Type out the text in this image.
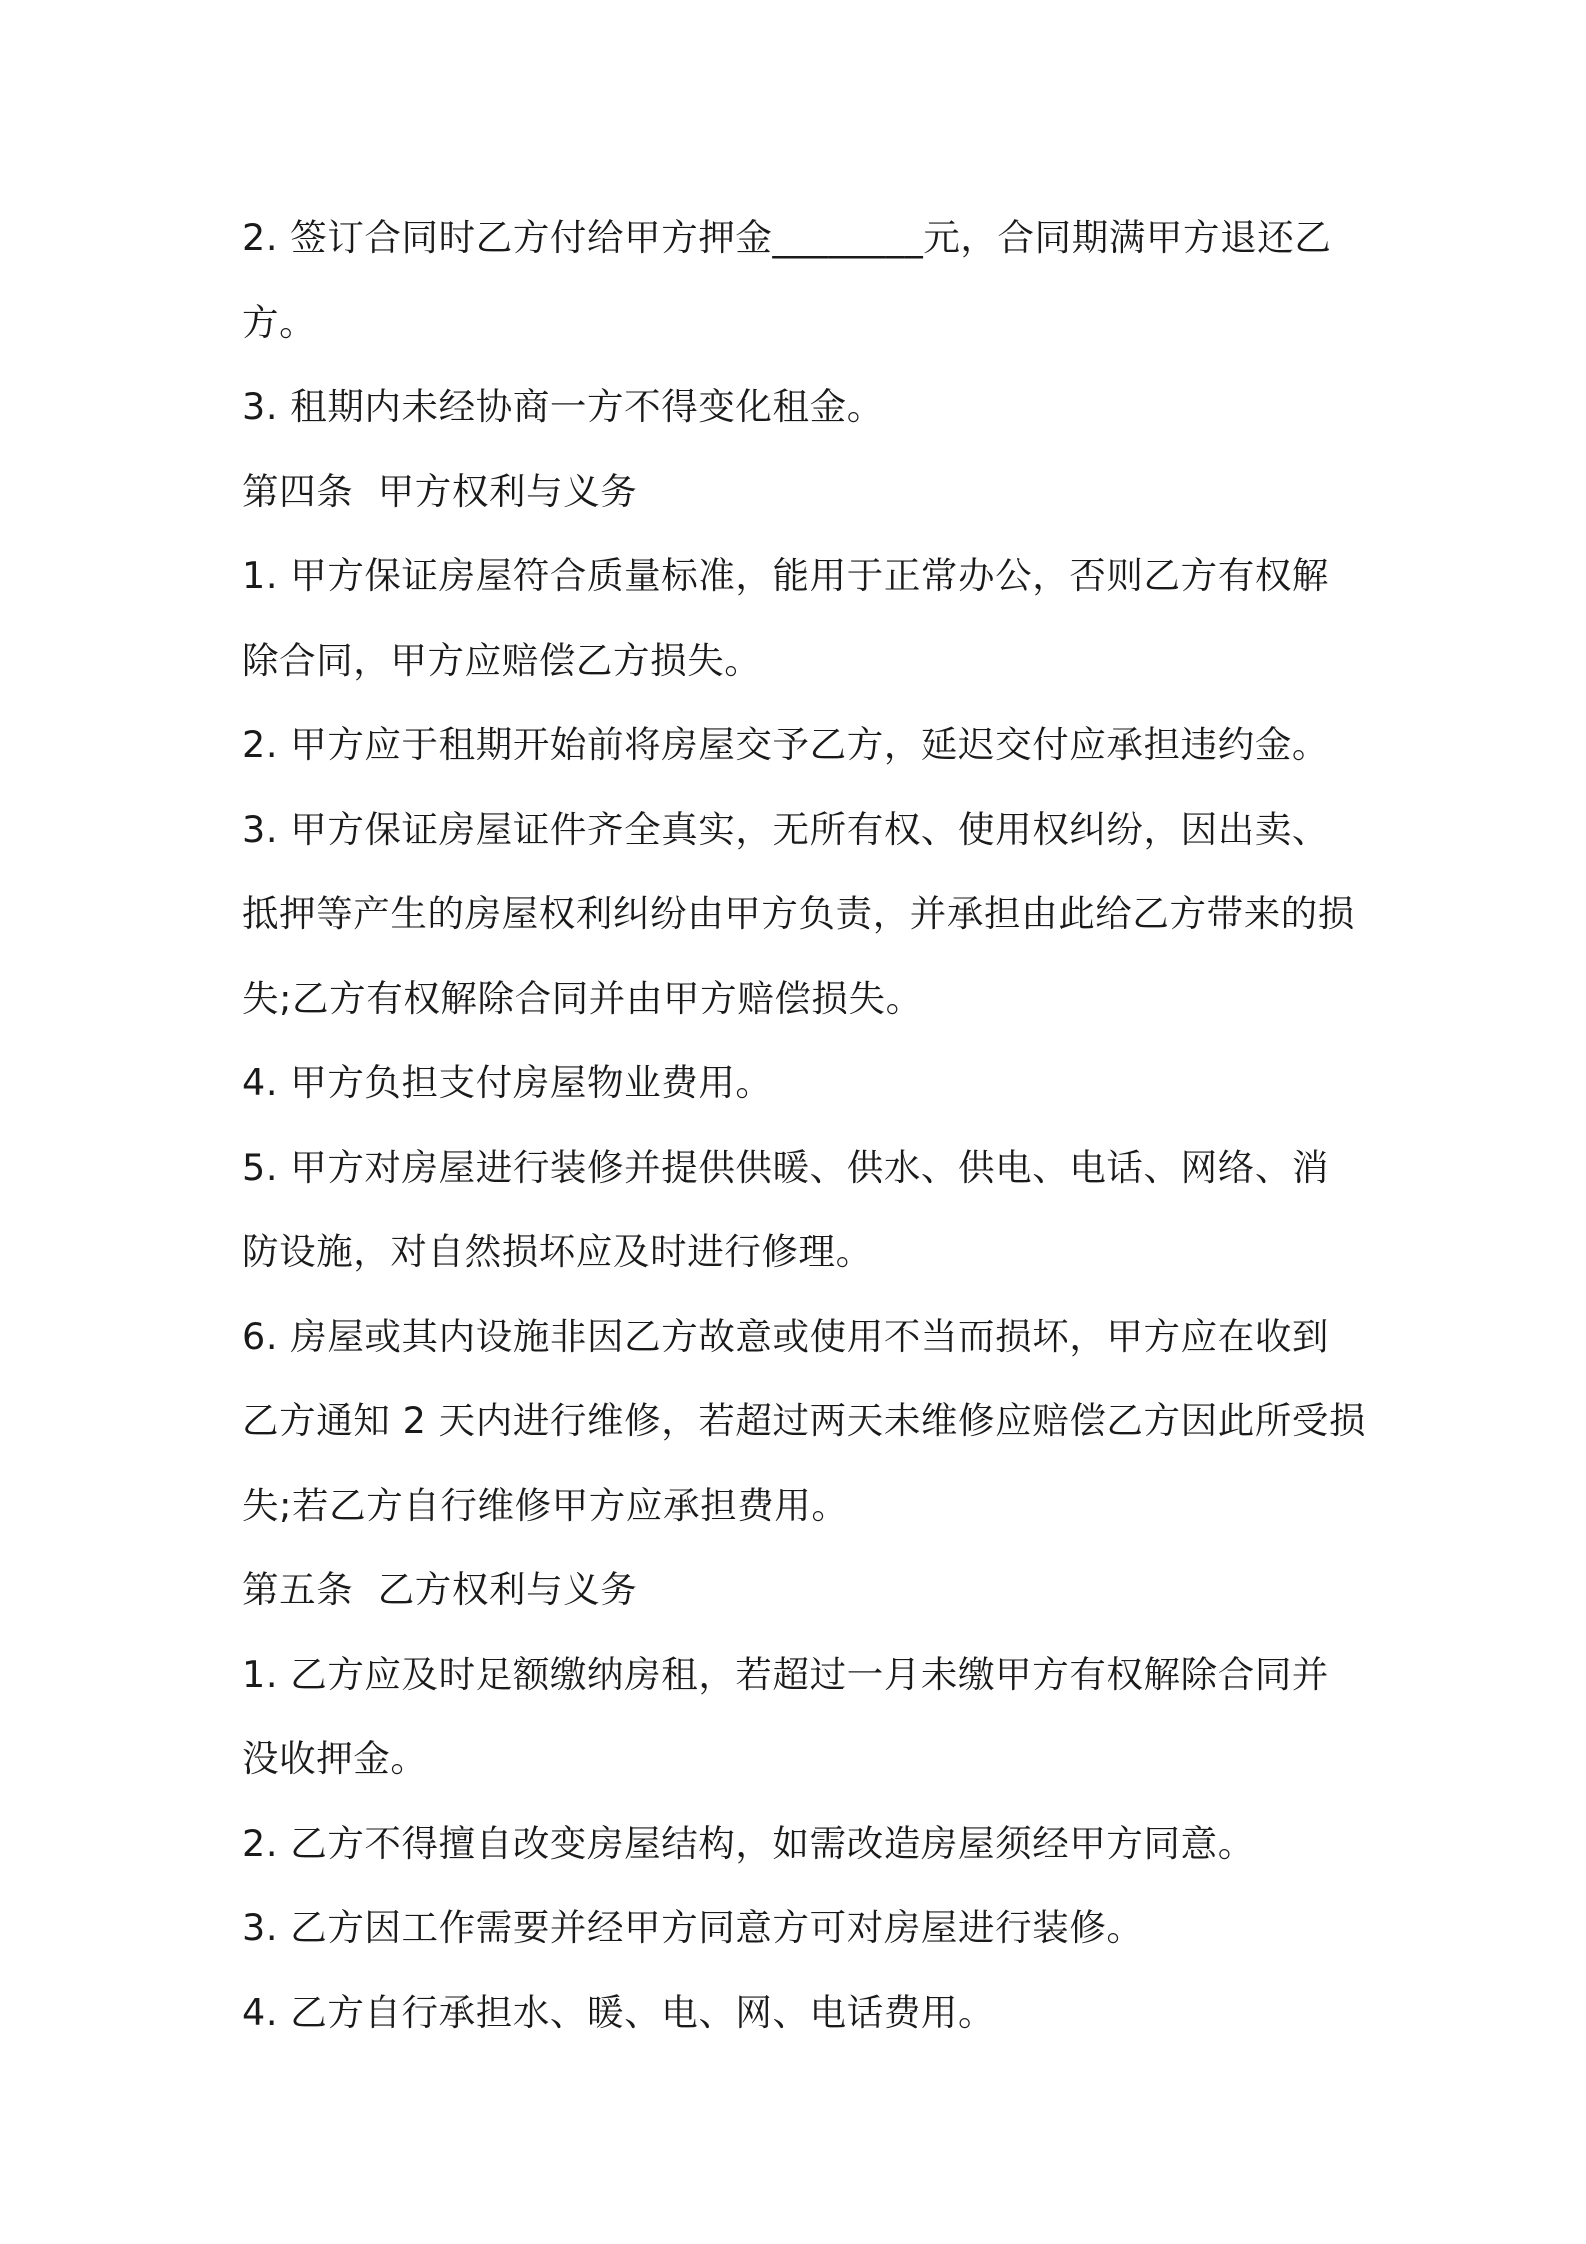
2. 签订合同时乙方付给甲方押金________元，合同期满甲方退还乙
方。
3. 租期内未经协商一方不得变化租金。
第四条  甲方权利与义务
1. 甲方保证房屋符合质量标准，能用于正常办公，否则乙方有权解
除合同，甲方应赔偿乙方损失。
2. 甲方应于租期开始前将房屋交予乙方，延迟交付应承担违约金。
3. 甲方保证房屋证件齐全真实，无所有权、使用权纠纷，因出卖、
抵押等产生的房屋权利纠纷由甲方负责，并承担由此给乙方带来的损
失;乙方有权解除合同并由甲方赔偿损失。
4. 甲方负担支付房屋物业费用。
5. 甲方对房屋进行装修并提供供暖、供水、供电、电话、网络、消
防设施，对自然损坏应及时进行修理。
6. 房屋或其内设施非因乙方故意或使用不当而损坏，甲方应在收到
乙方通知 2 天内进行维修，若超过两天未维修应赔偿乙方因此所受损
失;若乙方自行维修甲方应承担费用。
第五条  乙方权利与义务
1. 乙方应及时足额缴纳房租，若超过一月未缴甲方有权解除合同并
没收押金。
2. 乙方不得擅自改变房屋结构，如需改造房屋须经甲方同意。
3. 乙方因工作需要并经甲方同意方可对房屋进行装修。
4. 乙方自行承担水、暖、电、网、电话费用。
